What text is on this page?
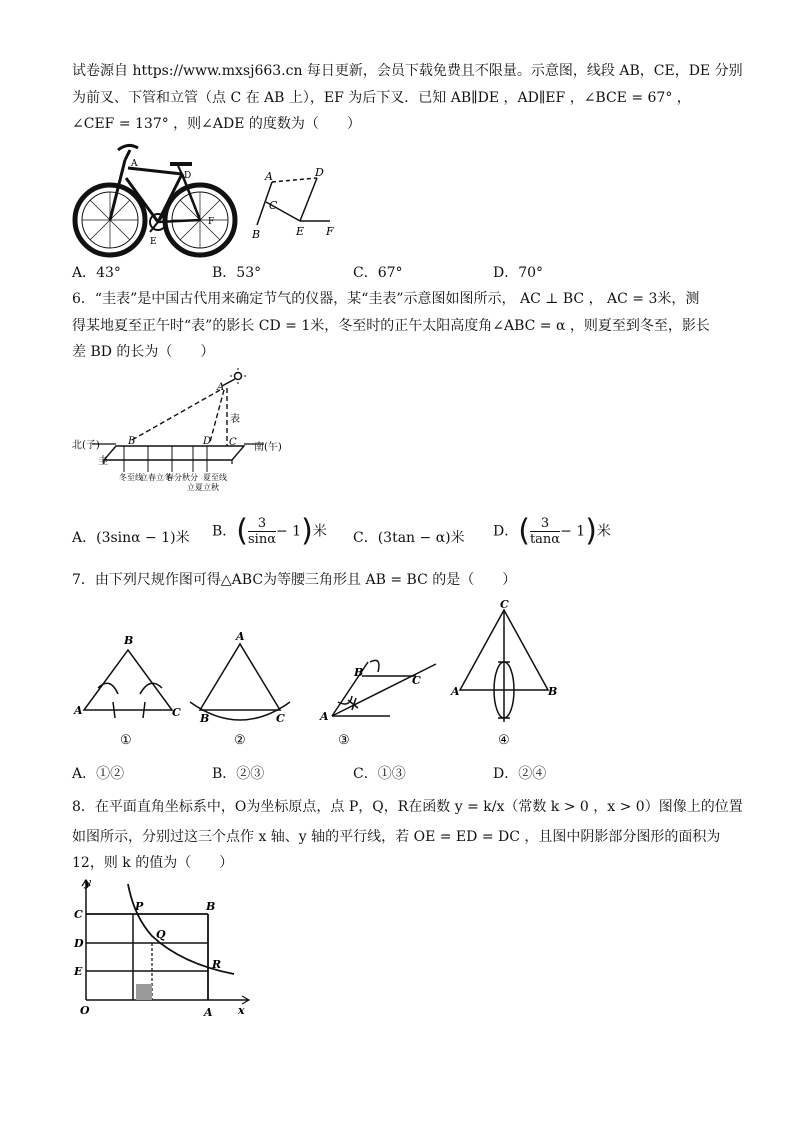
试卷源自 https://www.mxsj663.cn 每日更新，会员下载免费且不限量。示意图，线段 AB，CE，DE 分别
为前叉、下管和立管（点 C 在 AB 上），EF 为后下叉．已知 AB∥DE ，AD∥EF ，∠BCE = 67° ，
∠CEF = 137° ，则∠ADE 的度数为（　　）
A
D
E
F
A	D
C
B	E F
A．43°	B．53°	C．67°	D．70°
6．“圭表”是中国古代用来确定节气的仪器，某“圭表”示意图如图所示， AC ⊥ BC ， AC = 3米，测
得某地夏至正午时“表”的影长 CD = 1米，冬至时的正午太阳高度角∠ABC = α ，则夏至到冬至，影长
差 BD 的长为（　　）
北(子)	南(午)
圭
表
A
B	D C
冬至线
立春立冬
春分秋分
立夏立秋
夏至线
A．(3sinα − 1)米 B．( $\frac{3}{\sin\alpha} - 1$)米 C．(3tan − α)米 D．( $\frac{3}{\tan\alpha} - 1$)米
7．由下列尺规作图可得△ABC为等腰三角形且 AB = BC 的是（　　）
A
B
C B
A
C	A
B
C
C
A	B
①	②	③	④
A．①②	B．②③	C．①③	D．②④
8．在平面直角坐标系中，O为坐标原点，点 P，Q，R在函数 y = k/x（常数 k > 0 ，x > 0）图像上的位置
如图所示，分别过这三个点作 x 轴、y 轴的平行线，若 OE = ED = DC ，且图中阴影部分图形的面积为
12，则 k 的值为（　　）
y
x
O	A
B
C
D
E
P
Q
R
